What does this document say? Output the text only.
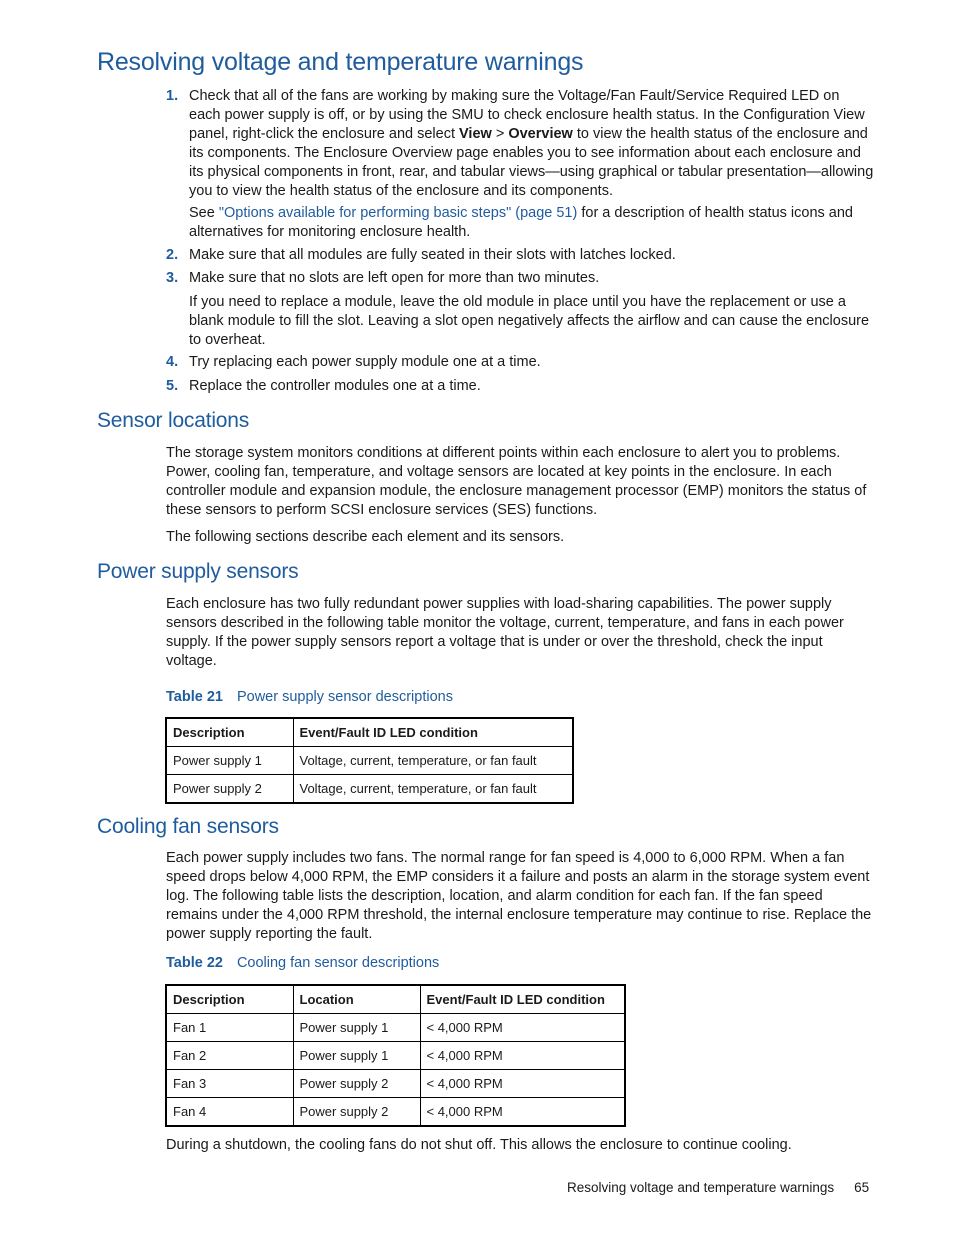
Resolving voltage and temperature warnings
1. Check that all of the fans are working by making sure the Voltage/Fan Fault/Service Required LED on each power supply is off, or by using the SMU to check enclosure health status. In the Configuration View panel, right-click the enclosure and select View > Overview to view the health status of the enclosure and its components. The Enclosure Overview page enables you to see information about each enclosure and its physical components in front, rear, and tabular views—using graphical or tabular presentation—allowing you to view the health status of the enclosure and its components.
See "Options available for performing basic steps" (page 51) for a description of health status icons and alternatives for monitoring enclosure health.
2. Make sure that all modules are fully seated in their slots with latches locked.
3. Make sure that no slots are left open for more than two minutes.
If you need to replace a module, leave the old module in place until you have the replacement or use a blank module to fill the slot. Leaving a slot open negatively affects the airflow and can cause the enclosure to overheat.
4. Try replacing each power supply module one at a time.
5. Replace the controller modules one at a time.
Sensor locations

The storage system monitors conditions at different points within each enclosure to alert you to problems. Power, cooling fan, temperature, and voltage sensors are located at key points in the enclosure. In each controller module and expansion module, the enclosure management processor (EMP) monitors the status of these sensors to perform SCSI enclosure services (SES) functions.

The following sections describe each element and its sensors.

Power supply sensors

Each enclosure has two fully redundant power supplies with load-sharing capabilities. The power supply sensors described in the following table monitor the voltage, current, temperature, and fans in each power supply. If the power supply sensors report a voltage that is under or over the threshold, check the input voltage.

Table 21 Power supply sensor descriptions
Description	Event/Fault ID LED condition
Power supply 1	Voltage, current, temperature, or fan fault
Power supply 2	Voltage, current, temperature, or fan fault
Cooling fan sensors

Each power supply includes two fans. The normal range for fan speed is 4,000 to 6,000 RPM. When a fan speed drops below 4,000 RPM, the EMP considers it a failure and posts an alarm in the storage system event log. The following table lists the description, location, and alarm condition for each fan. If the fan speed remains under the 4,000 RPM threshold, the internal enclosure temperature may continue to rise. Replace the power supply reporting the fault.

Table 22 Cooling fan sensor descriptions
Description	Location	Event/Fault ID LED condition
Fan 1	Power supply 1	< 4,000 RPM
Fan 2	Power supply 1	< 4,000 RPM
Fan 3	Power supply 2	< 4,000 RPM
Fan 4	Power supply 2	< 4,000 RPM

During a shutdown, the cooling fans do not shut off. This allows the enclosure to continue cooling.

Resolving voltage and temperature warnings 65
